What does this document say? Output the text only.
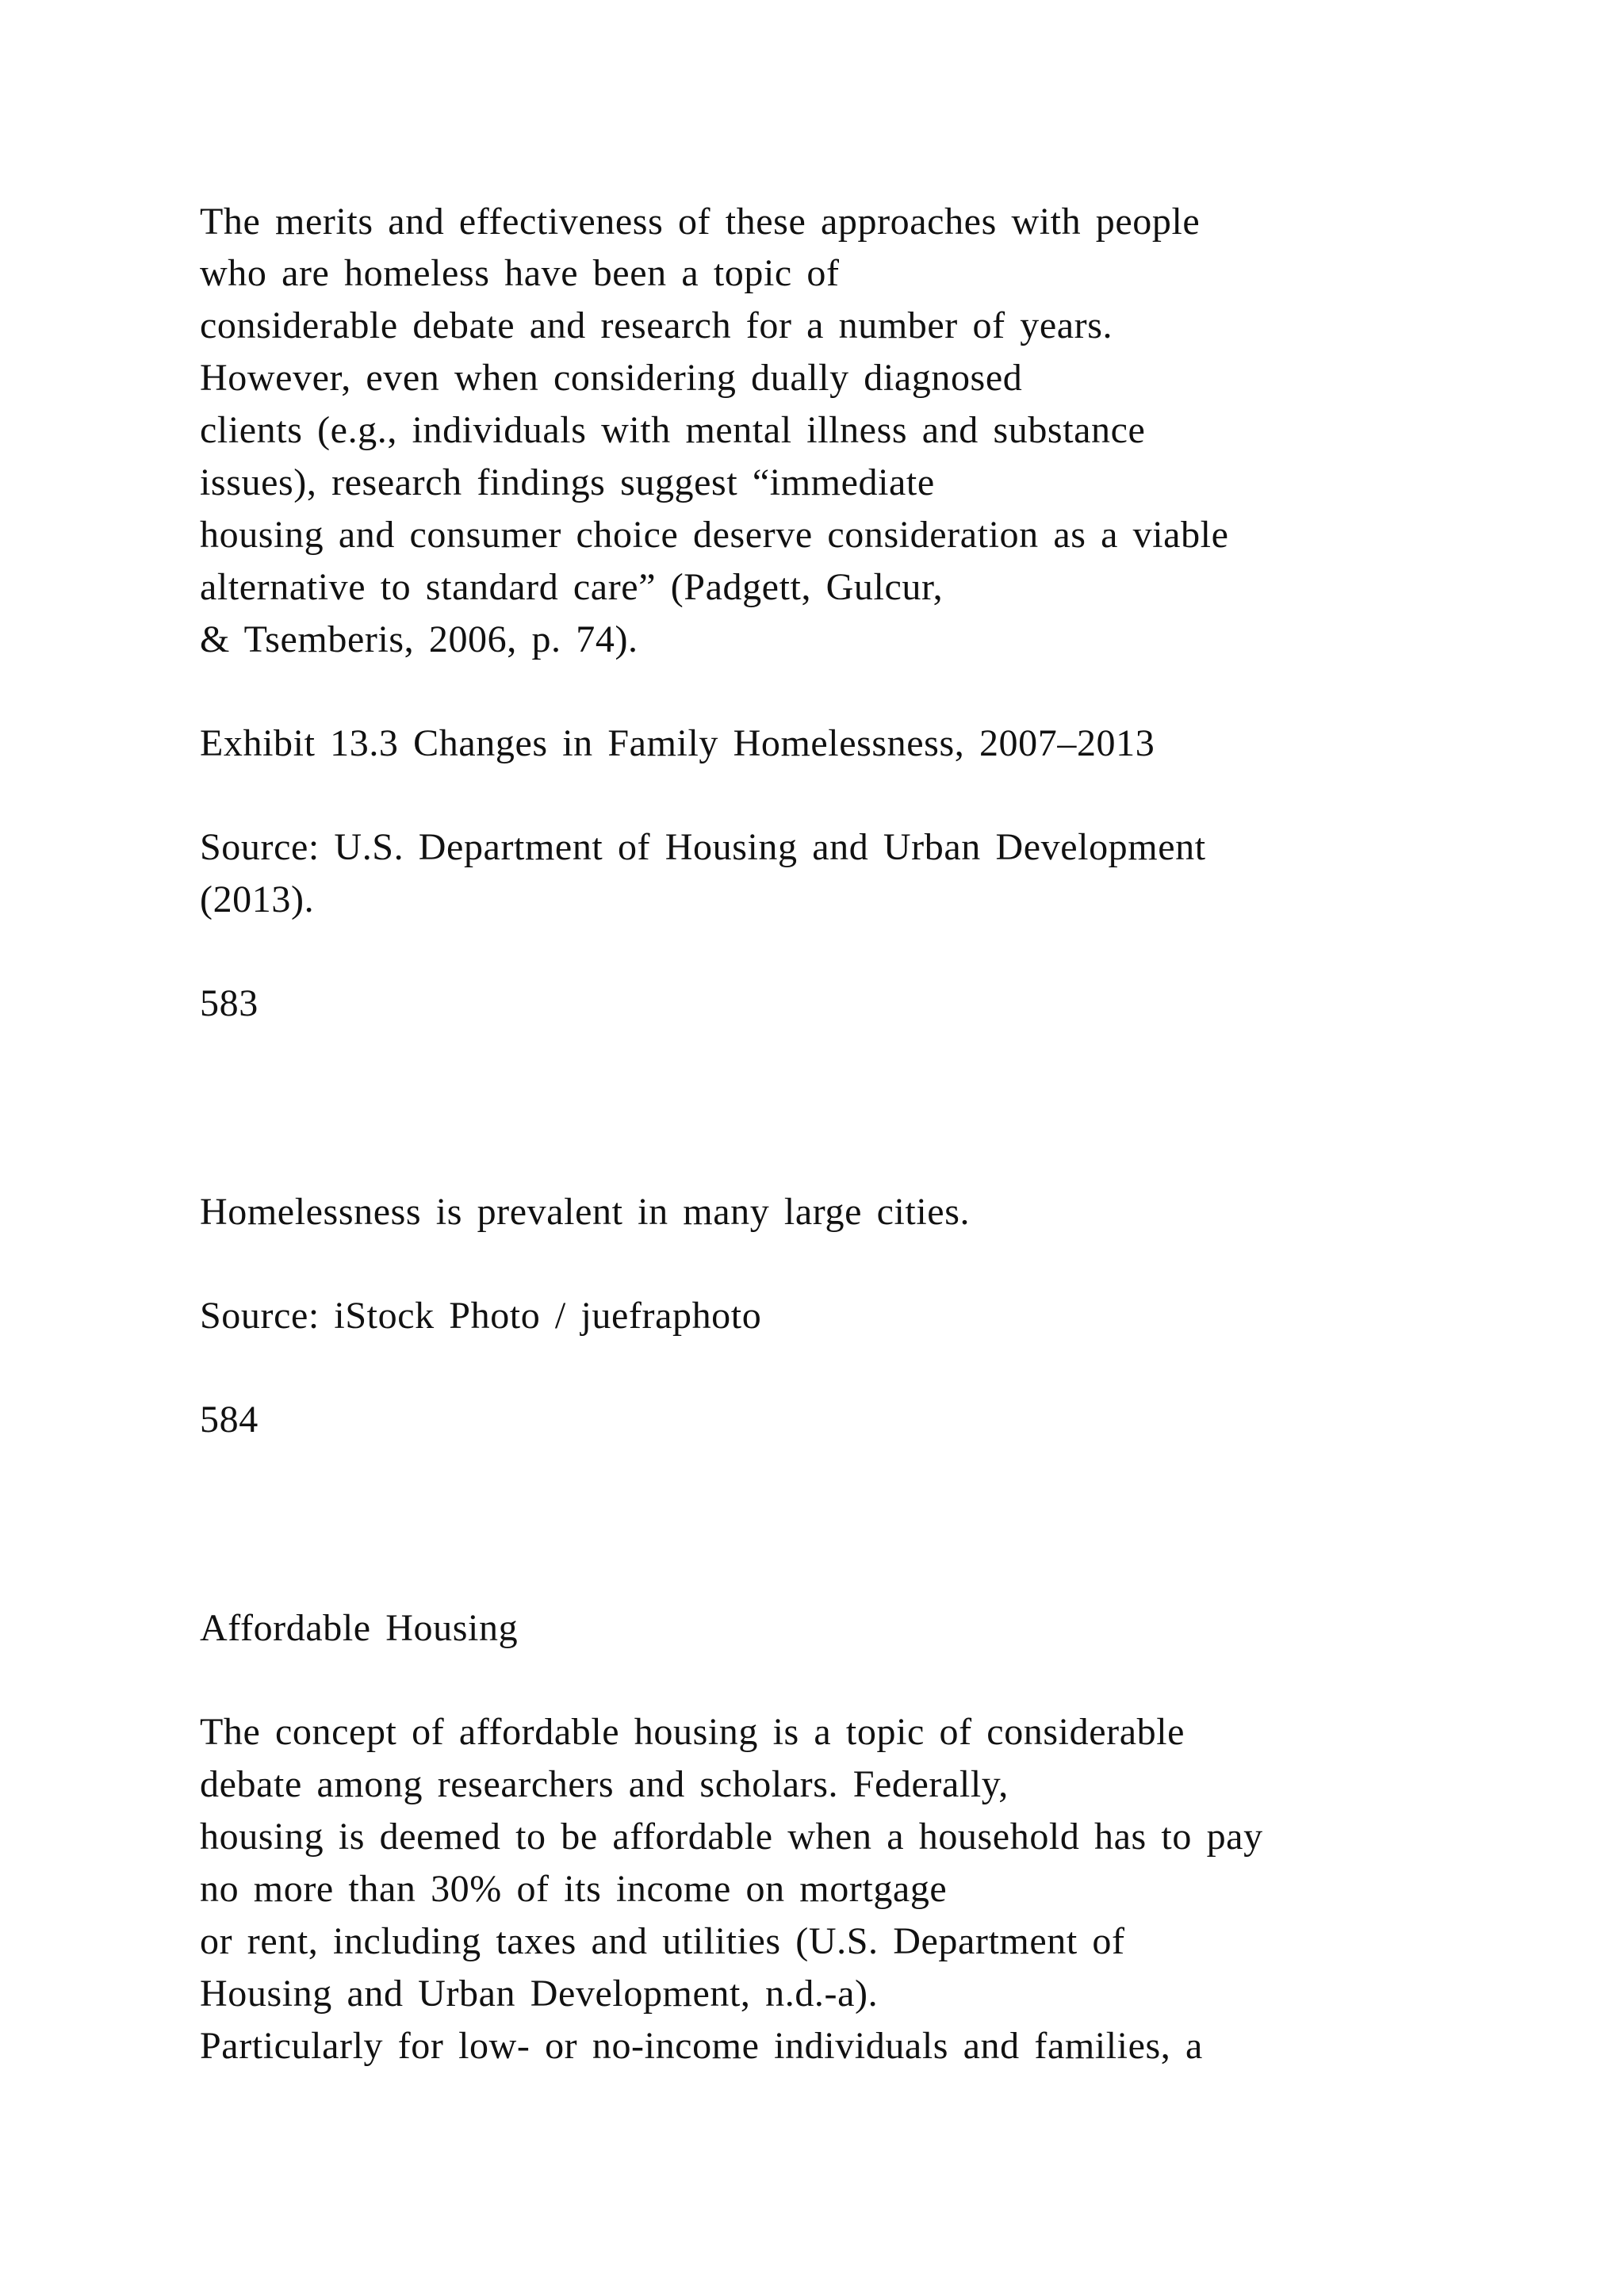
The merits and effectiveness of these approaches with people
who are homeless have been a topic of
considerable debate and research for a number of years.
However, even when considering dually diagnosed
clients (e.g., individuals with mental illness and substance
issues), research findings suggest “immediate
housing and consumer choice deserve consideration as a viable
alternative to standard care” (Padgett, Gulcur,
& Tsemberis, 2006, p. 74).
Exhibit 13.3 Changes in Family Homelessness, 2007–2013
Source: U.S. Department of Housing and Urban Development
(2013).
583
Homelessness is prevalent in many large cities.
Source: iStock Photo / juefraphoto
584
Affordable Housing
The concept of affordable housing is a topic of considerable
debate among researchers and scholars. Federally,
housing is deemed to be affordable when a household has to pay
no more than 30% of its income on mortgage
or rent, including taxes and utilities (U.S. Department of
Housing and Urban Development, n.d.-a).
Particularly for low- or no-income individuals and families, a
